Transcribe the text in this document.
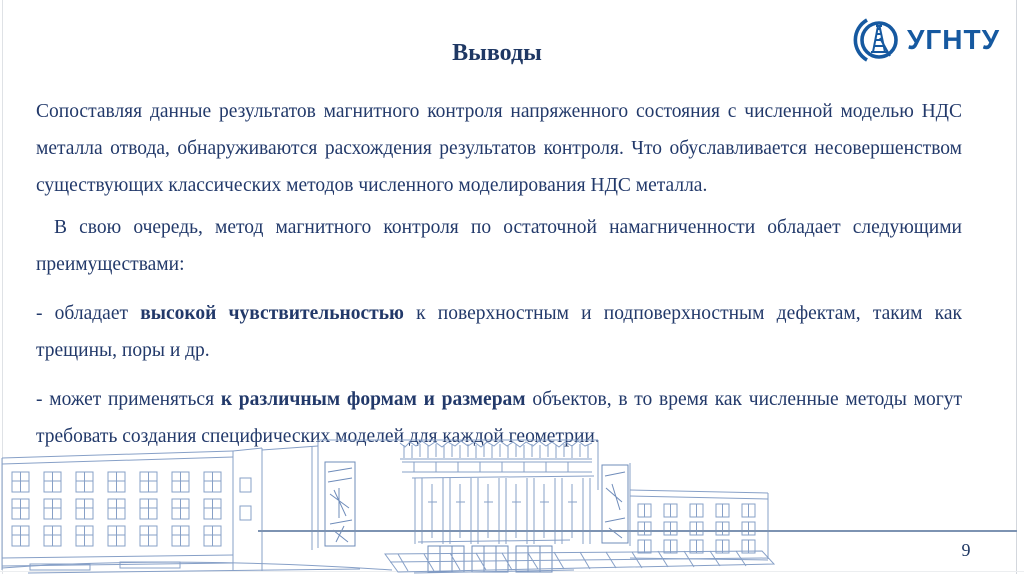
Выводы	УГНТУ

Сопоставляя данные результатов магнитного контроля напряженного состояния с численной моделью НДС металла отвода, обнаруживаются расхождения результатов контроля. Что обуславливается несовершенством существующих классических методов численного моделирования НДС металла.

В свою очередь, метод магнитного контроля по остаточной намагниченности обладает следующими преимуществами:

- обладает высокой чувствительностью к поверхностным и подповерхностным дефектам, таким как трещины, поры и др.

- может применяться к различным формам и размерам объектов, в то время как численные методы могут требовать создания специфических моделей для каждой геометрии.

9
